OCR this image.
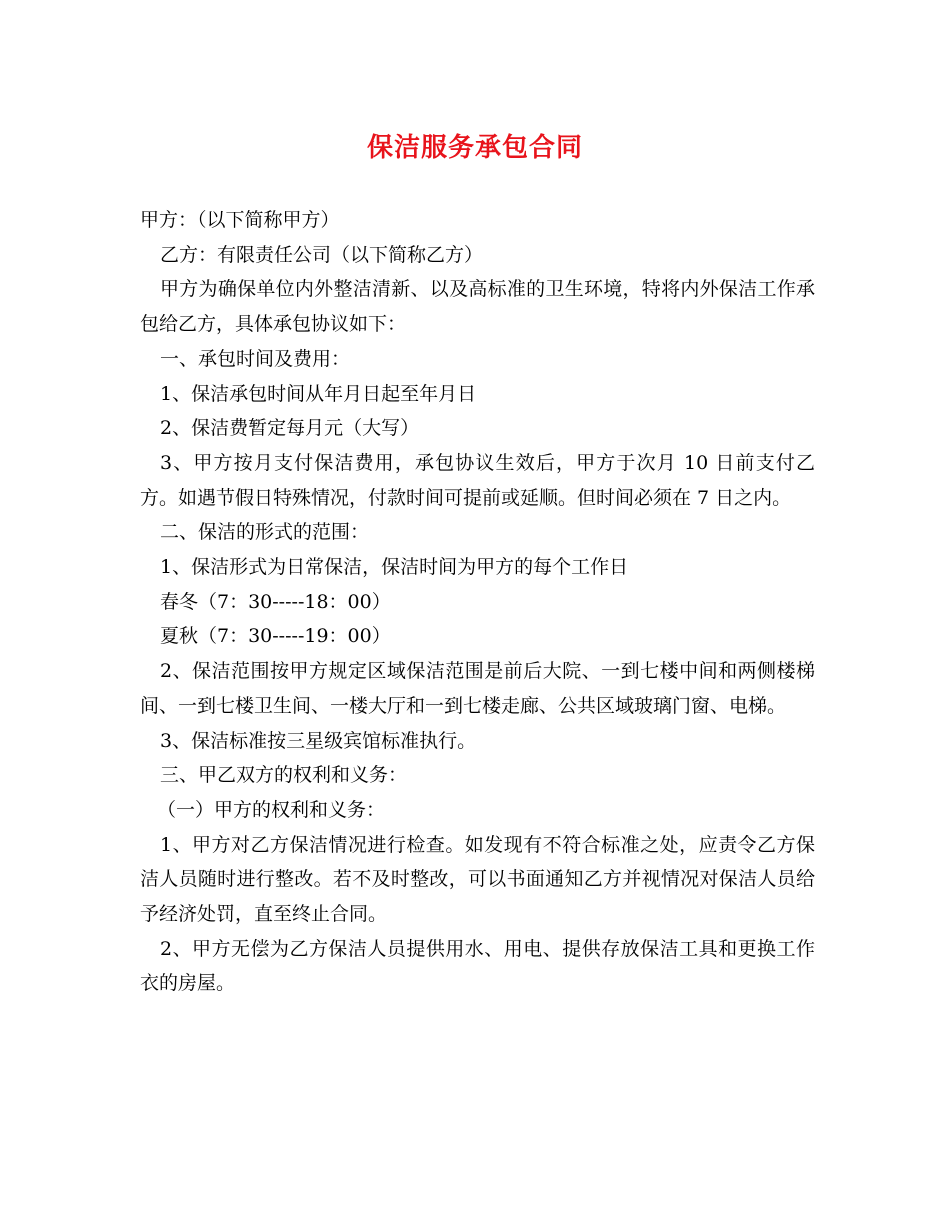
保洁服务承包合同

甲方：（以下简称甲方）

乙方：有限责任公司（以下简称乙方）

甲方为确保单位内外整洁清新、以及高标准的卫生环境，特将内外保洁工作承包给乙方，具体承包协议如下：

一、承包时间及费用：

1、保洁承包时间从年月日起至年月日

2、保洁费暂定每月元（大写）

3、甲方按月支付保洁费用，承包协议生效后，甲方于次月 10 日前支付乙方。如遇节假日特殊情况，付款时间可提前或延顺。但时间必须在 7 日之内。

二、保洁的形式的范围：

1、保洁形式为日常保洁，保洁时间为甲方的每个工作日

春冬（7：30-----18：00）

夏秋（7：30-----19：00）

2、保洁范围按甲方规定区域保洁范围是前后大院、一到七楼中间和两侧楼梯间、一到七楼卫生间、一楼大厅和一到七楼走廊、公共区域玻璃门窗、电梯。

3、保洁标准按三星级宾馆标准执行。

三、甲乙双方的权利和义务：

（一）甲方的权利和义务：

1、甲方对乙方保洁情况进行检查。如发现有不符合标准之处，应责令乙方保洁人员随时进行整改。若不及时整改，可以书面通知乙方并视情况对保洁人员给予经济处罚，直至终止合同。

2、甲方无偿为乙方保洁人员提供用水、用电、提供存放保洁工具和更换工作衣的房屋。
